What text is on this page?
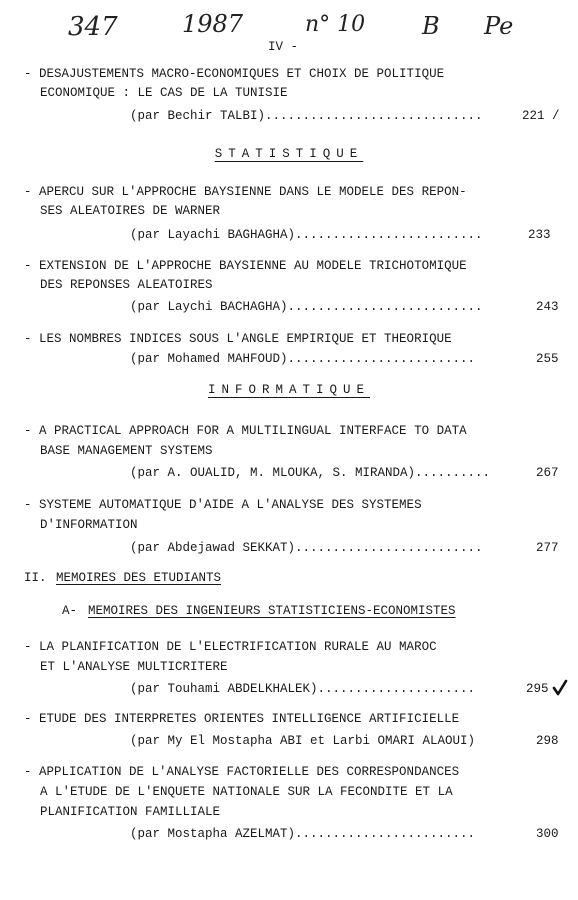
347	1987	n° 10 B Pe
IV -
- DESAJUSTEMENTS MACRO-ECONOMIQUES ET CHOIX DE POLITIQUE
ECONOMIQUE : LE CAS DE LA TUNISIE
(par Bechir TALBI).............................	221 /
STATISTIQUE
- APERCU SUR L'APPROCHE BAYSIENNE DANS LE MODELE DES REPON-
SES ALEATOIRES DE WARNER
(par Layachi BAGHAGHA).........................	233
- EXTENSION DE L'APPROCHE BAYSIENNE AU MODELE TRICHOTOMIQUE
DES REPONSES ALEATOIRES
(par Laychi BACHAGHA)..........................	243
- LES NOMBRES INDICES SOUS L'ANGLE EMPIRIQUE ET THEORIQUE
(par Mohamed MAHFOUD).........................	255
INFORMATIQUE
- A PRACTICAL APPROACH FOR A MULTILINGUAL INTERFACE TO DATA
BASE MANAGEMENT SYSTEMS
(par A. OUALID, M. MLOUKA, S. MIRANDA)..........	267
- SYSTEME AUTOMATIQUE D'AIDE A L'ANALYSE DES SYSTEMES
D'INFORMATION
(par Abdejawad SEKKAT).........................	277
II. MEMOIRES DES ETUDIANTS
A- MEMOIRES DES INGENIEURS STATISTICIENS-ECONOMISTES
- LA PLANIFICATION DE L'ELECTRIFICATION RURALE AU MAROC
ET L'ANALYSE MULTICRITERE
(par Touhami ABDELKHALEK).....................	295
- ETUDE DES INTERPRETES ORIENTES INTELLIGENCE ARTIFICIELLE
(par My El Mostapha ABI et Larbi OMARI ALAOUI)	298
- APPLICATION DE L'ANALYSE FACTORIELLE DES CORRESPONDANCES
A L'ETUDE DE L'ENQUETE NATIONALE SUR LA FECONDITE ET LA
PLANIFICATION FAMILLIALE
(par Mostapha AZELMAT)........................	300
